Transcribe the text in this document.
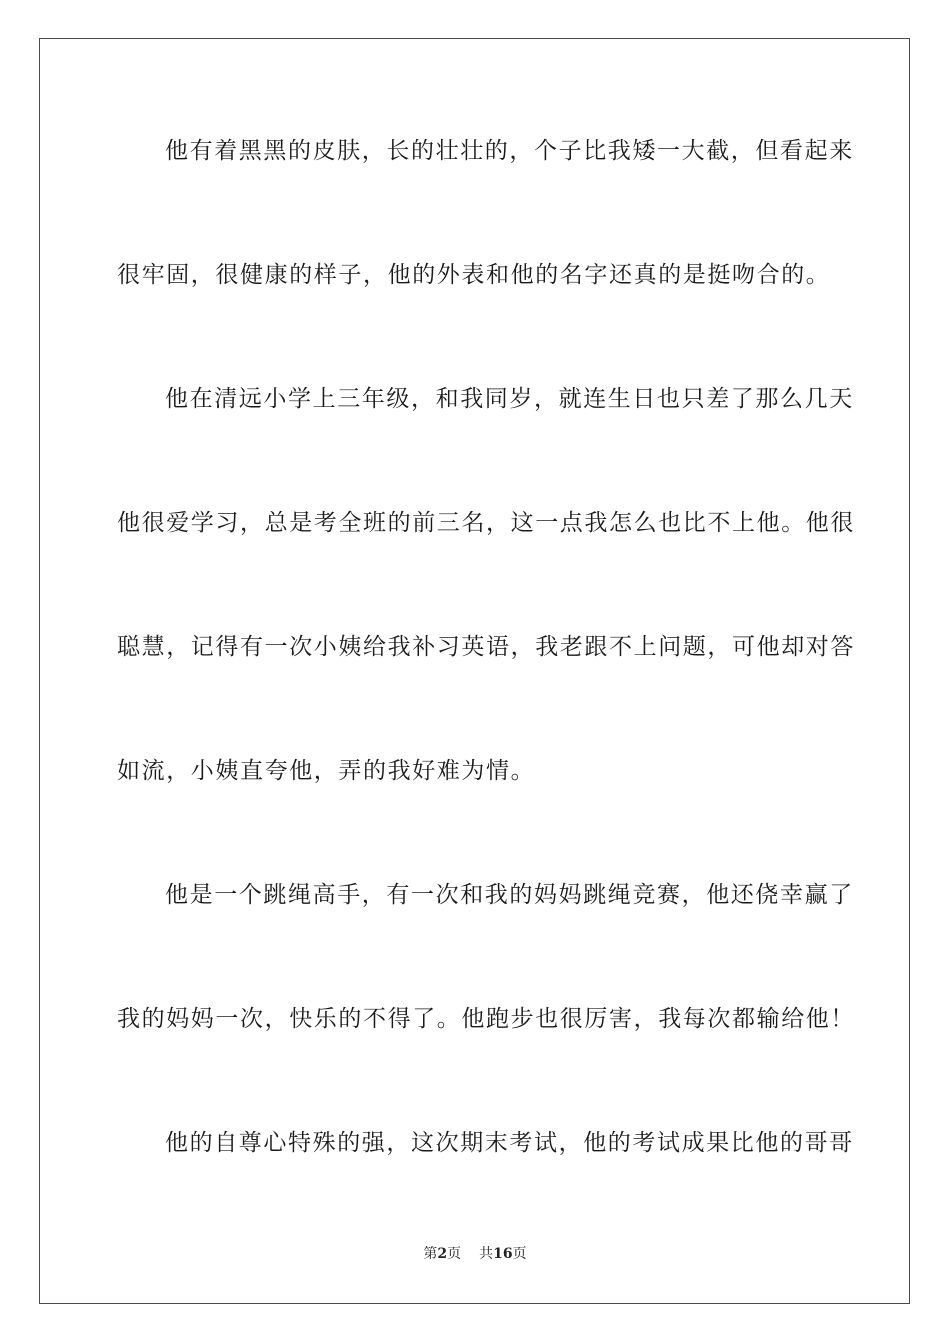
他有着黑黑的皮肤，长的壮壮的，个子比我矮一大截，但看起来
很牢固，很健康的样子，他的外表和他的名字还真的是挺吻合的。
他在清远小学上三年级，和我同岁，就连生日也只差了那么几天
他很爱学习，总是考全班的前三名，这一点我怎么也比不上他。他很
聪慧，记得有一次小姨给我补习英语，我老跟不上问题，可他却对答
如流，小姨直夸他，弄的我好难为情。
他是一个跳绳高手，有一次和我的妈妈跳绳竞赛，他还侥幸赢了
我的妈妈一次，快乐的不得了。他跑步也很厉害，我每次都输给他！
他的自尊心特殊的强，这次期末考试，他的考试成果比他的哥哥
第2页 共16页
